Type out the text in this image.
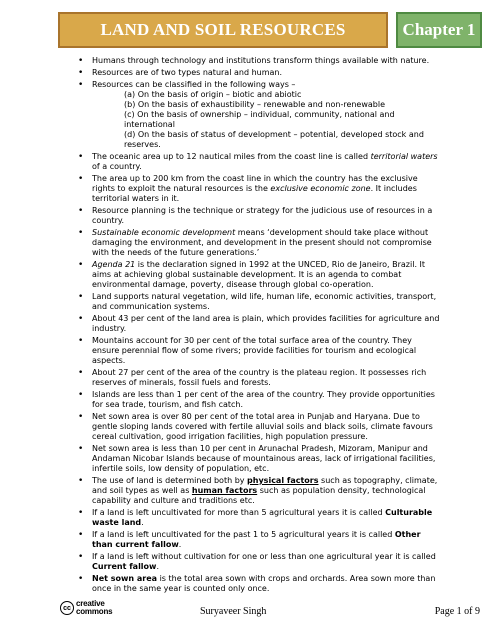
LAND AND SOIL RESOURCES	Chapter 1
• Humans through technology and institutions transform things available with nature.
• Resources are of two types natural and human.
• Resources can be classified in the following ways –
(a) On the basis of origin – biotic and abiotic
(b) On the basis of exhaustibility – renewable and non-renewable
(c) On the basis of ownership – individual, community, national and international
(d) On the basis of status of development – potential, developed stock and reserves.
• The oceanic area up to 12 nautical miles from the coast line is called territorial waters of a country.
• The area up to 200 km from the coast line in which the country has the exclusive rights to exploit the natural resources is the exclusive economic zone. It includes territorial waters in it.
• Resource planning is the technique or strategy for the judicious use of resources in a country.
• Sustainable economic development means ‘development should take place without damaging the environment, and development in the present should not compromise with the needs of the future generations.’
• Agenda 21 is the declaration signed in 1992 at the UNCED, Rio de Janeiro, Brazil. It aims at achieving global sustainable development. It is an agenda to combat environmental damage, poverty, disease through global co-operation.
• Land supports natural vegetation, wild life, human life, economic activities, transport, and communication systems.
• About 43 per cent of the land area is plain, which provides facilities for agriculture and industry.
• Mountains account for 30 per cent of the total surface area of the country. They ensure perennial flow of some rivers; provide facilities for tourism and ecological aspects.
• About 27 per cent of the area of the country is the plateau region. It possesses rich reserves of minerals, fossil fuels and forests.
• Islands are less than 1 per cent of the area of the country. They provide opportunities for sea trade, tourism, and fish catch.
• Net sown area is over 80 per cent of the total area in Punjab and Haryana. Due to gentle sloping lands covered with fertile alluvial soils and black soils, climate favours cereal cultivation, good irrigation facilities, high population pressure.
• Net sown area is less than 10 per cent in Arunachal Pradesh, Mizoram, Manipur and Andaman Nicobar Islands because of mountainous areas, lack of irrigational facilities, infertile soils, low density of population, etc.
• The use of land is determined both by physical factors such as topography, climate, and soil types as well as human factors such as population density, technological capability and culture and traditions etc.
• If a land is left uncultivated for more than 5 agricultural years it is called Culturable waste land.
• If a land is left uncultivated for the past 1 to 5 agricultural years it is called Other than current fallow.
• If a land is left without cultivation for one or less than one agricultural year it is called Current fallow.
• Net sown area is the total area sown with crops and orchards. Area sown more than once in the same year is counted only once.
cc creative
commons	Suryaveer Singh	Page 1 of 9
